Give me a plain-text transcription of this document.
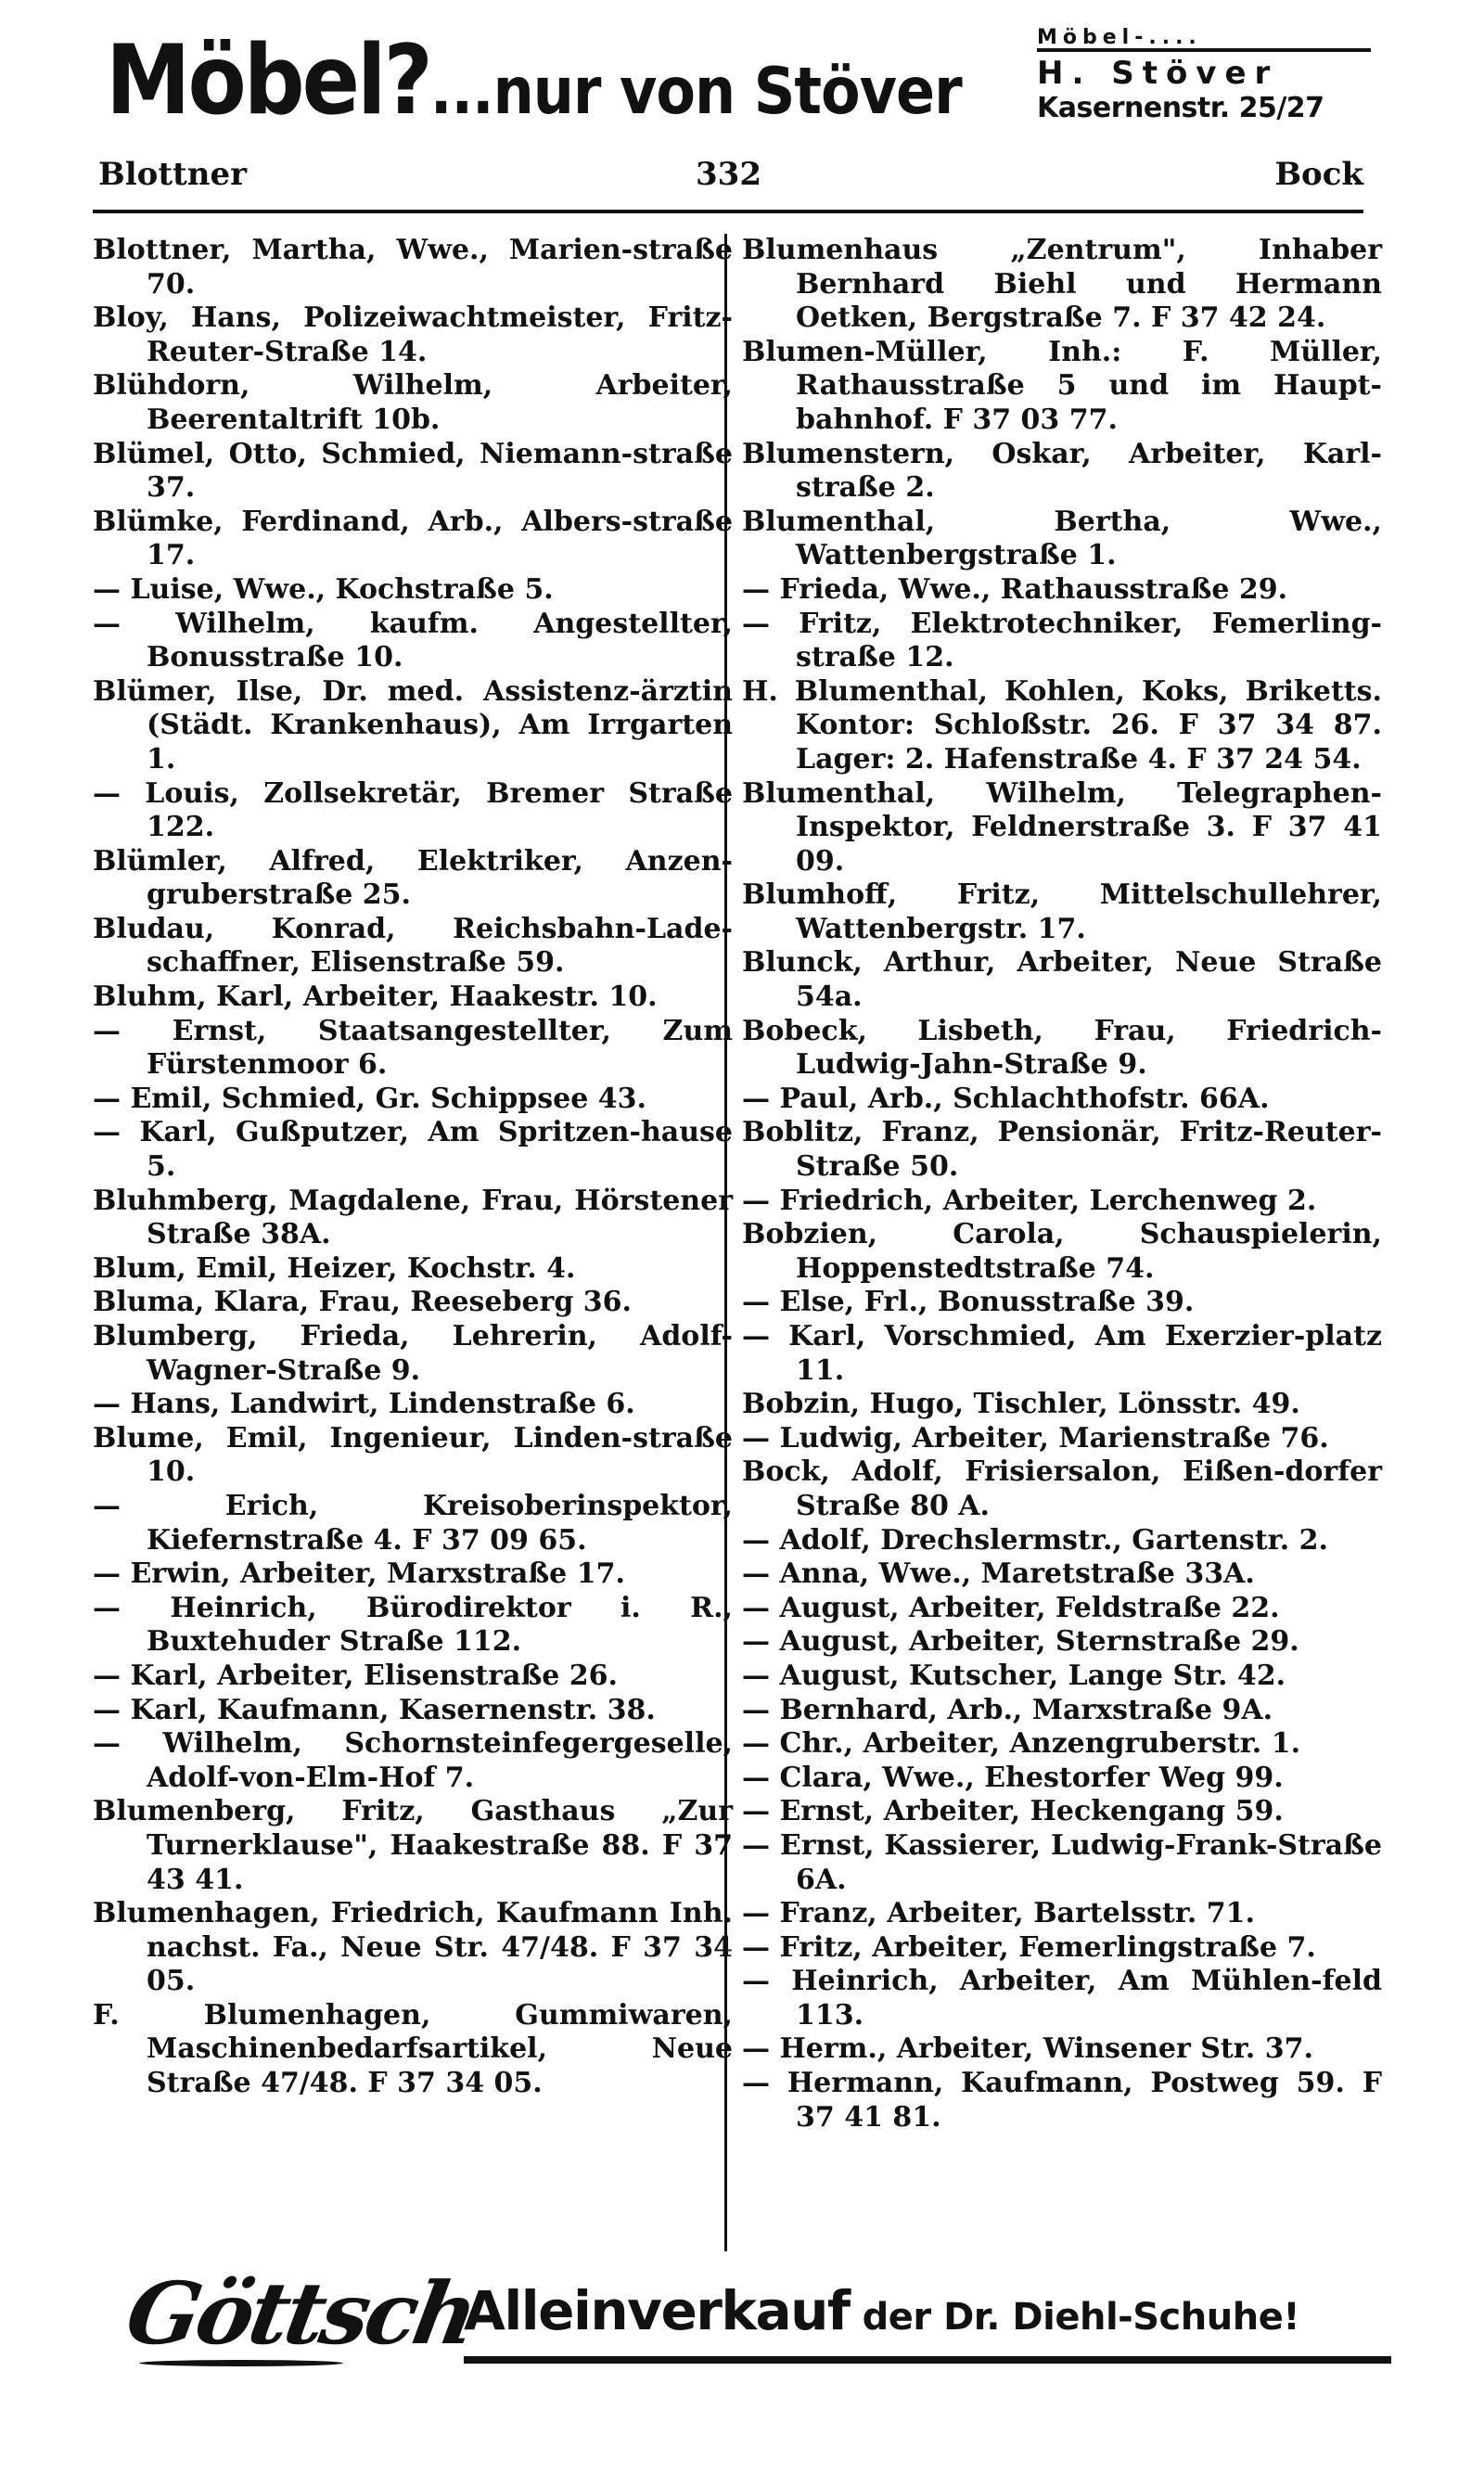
Möbel?...nur von Stöver
Möbel-....
H. Stöver
Kasernenstr. 25/27
Blottner	332	Bock

Blottner, Martha, Wwe., Marien-straße 70.

Bloy, Hans, Polizeiwachtmeister, Fritz-Reuter-Straße 14.

Blühdorn, Wilhelm, Arbeiter, Beerentaltrift 10b.

Blümel, Otto, Schmied, Niemann-straße 37.

Blümke, Ferdinand, Arb., Albers-straße 17.

— Luise, Wwe., Kochstraße 5.

— Wilhelm, kaufm. Angestellter, Bonusstraße 10.

Blümer, Ilse, Dr. med. Assistenz-ärztin (Städt. Krankenhaus), Am Irrgarten 1.

— Louis, Zollsekretär, Bremer Straße 122.

Blümler, Alfred, Elektriker, Anzen-gruberstraße 25.

Bludau, Konrad, Reichsbahn-Lade-schaffner, Elisenstraße 59.

Bluhm, Karl, Arbeiter, Haakestr. 10.

— Ernst, Staatsangestellter, Zum Fürstenmoor 6.

— Emil, Schmied, Gr. Schippsee 43.

— Karl, Gußputzer, Am Spritzen-hause 5.

Bluhmberg, Magdalene, Frau, Hörstener Straße 38A.

Blum, Emil, Heizer, Kochstr. 4.

Bluma, Klara, Frau, Reeseberg 36.

Blumberg, Frieda, Lehrerin, Adolf-Wagner-Straße 9.

— Hans, Landwirt, Lindenstraße 6.

Blume, Emil, Ingenieur, Linden-straße 10.

— Erich, Kreisoberinspektor, Kiefernstraße 4. F 37 09 65.

— Erwin, Arbeiter, Marxstraße 17.

— Heinrich, Bürodirektor i. R., Buxtehuder Straße 112.

— Karl, Arbeiter, Elisenstraße 26.

— Karl, Kaufmann, Kasernenstr. 38.

— Wilhelm, Schornsteinfegergeselle, Adolf-von-Elm-Hof 7.

Blumenberg, Fritz, Gasthaus „Zur Turnerklause", Haakestraße 88. F 37 43 41.

Blumenhagen, Friedrich, Kaufmann Inh. nachst. Fa., Neue Str. 47/48. F 37 34 05.

F. Blumenhagen, Gummiwaren, Maschinenbedarfsartikel, Neue Straße 47/48. F 37 34 05.

Blumenhaus „Zentrum", Inhaber Bernhard Biehl und Hermann Oetken, Bergstraße 7. F 37 42 24.

Blumen-Müller, Inh.: F. Müller, Rathausstraße 5 und im Haupt-bahnhof. F 37 03 77.

Blumenstern, Oskar, Arbeiter, Karl-straße 2.

Blumenthal, Bertha, Wwe., Wattenbergstraße 1.

— Frieda, Wwe., Rathausstraße 29.

— Fritz, Elektrotechniker, Femerling-straße 12.

H. Blumenthal, Kohlen, Koks, Briketts. Kontor: Schloßstr. 26. F 37 34 87. Lager: 2. Hafenstraße 4. F 37 24 54.

Blumenthal, Wilhelm, Telegraphen-Inspektor, Feldnerstraße 3. F 37 41 09.

Blumhoff, Fritz, Mittelschullehrer, Wattenbergstr. 17.

Blunck, Arthur, Arbeiter, Neue Straße 54a.

Bobeck, Lisbeth, Frau, Friedrich-Ludwig-Jahn-Straße 9.

— Paul, Arb., Schlachthofstr. 66A.

Boblitz, Franz, Pensionär, Fritz-Reuter-Straße 50.

— Friedrich, Arbeiter, Lerchenweg 2.

Bobzien, Carola, Schauspielerin, Hoppenstedtstraße 74.

— Else, Frl., Bonusstraße 39.

— Karl, Vorschmied, Am Exerzier-platz 11.

Bobzin, Hugo, Tischler, Lönsstr. 49.

— Ludwig, Arbeiter, Marienstraße 76.

Bock, Adolf, Frisiersalon, Eißen-dorfer Straße 80 A.

— Adolf, Drechslermstr., Gartenstr. 2.

— Anna, Wwe., Maretstraße 33A.

— August, Arbeiter, Feldstraße 22.

— August, Arbeiter, Sternstraße 29.

— August, Kutscher, Lange Str. 42.

— Bernhard, Arb., Marxstraße 9A.

— Chr., Arbeiter, Anzengruberstr. 1.

— Clara, Wwe., Ehestorfer Weg 99.

— Ernst, Arbeiter, Heckengang 59.

— Ernst, Kassierer, Ludwig-Frank-Straße 6A.

— Franz, Arbeiter, Bartelsstr. 71.

— Fritz, Arbeiter, Femerlingstraße 7.

— Heinrich, Arbeiter, Am Mühlen-feld 113.

— Herm., Arbeiter, Winsener Str. 37.

— Hermann, Kaufmann, Postweg 59. F 37 41 81.

Göttsch
Alleinverkauf der Dr. Diehl-Schuhe!
